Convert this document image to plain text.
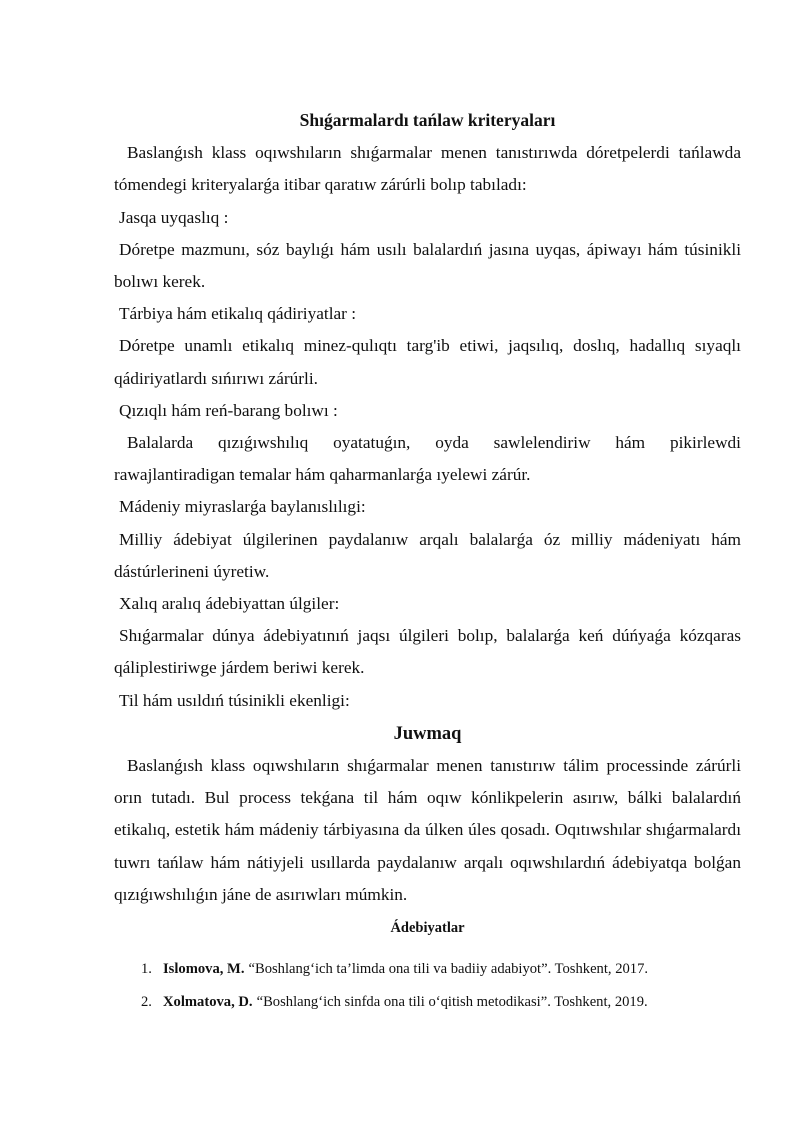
Shıǵarmalardı tańlaw kriteryaları

Baslanǵısh klass oqıwshıların shıǵarmalar menen tanıstırıwda dóretpelerdi tańlawda tómendegi kriteryalarǵa itibar qaratıw zárúrli bolıp tabıladı:

Jasqa uyqaslıq :

Dóretpe mazmunı, sóz baylıǵı hám usılı balalardıń jasına uyqas, ápiwayı hám túsinikli bolıwı kerek.

Tárbiya hám etikalıq qádiriyatlar :

Dóretpe unamlı etikalıq minez-qulıqtı targ'ib etiwi, jaqsılıq, doslıq, hadallıq sıyaqlı qádiriyatlardı sıńırıwı zárúrli.

Qızıqlı hám reń-barang bolıwı :

Balalarda qızıǵıwshılıq oyatatuǵın, oyda sawlelendiriw hám pikirlewdi rawajlantiradigan temalar hám qaharmanlarǵa ıyelewi zárúr.

Mádeniy miyraslarǵa baylanıslılıgi:

Milliy ádebiyat úlgilerinen paydalanıw arqalı balalarǵa óz milliy mádeniyatı hám dástúrlerineni úyretiw.

Xalıq aralıq ádebiyattan úlgiler:

Shıǵarmalar dúnya ádebiyatınıń jaqsı úlgileri bolıp, balalarǵa keń dúńyaǵa kózqaras qáliplestiriwge járdem beriwi kerek.

Til hám usıldıń túsinikli ekenligi:

Juwmaq

Baslanǵısh klass oqıwshıların shıǵarmalar menen tanıstırıw tálim processinde zárúrli orın tutadı. Bul process tekǵana til hám oqıw kónlikpelerin asırıw, bálki balalardıń etikalıq, estetik hám mádeniy tárbiyasına da úlken úles qosadı. Oqıtıwshılar shıǵarmalardı tuwrı tańlaw hám nátiyjeli usıllarda paydalanıw arqalı oqıwshılardıń ádebiyatqa bolǵan qızıǵıwshılıǵın jáne de asırıwları múmkin.

Ádebiyatlar

1. Islomova, M. “Boshlang‘ich ta’limda ona tili va badiiy adabiyot”. Toshkent, 2017.
2. Xolmatova, D. “Boshlang‘ich sinfda ona tili o‘qitish metodikasi”. Toshkent, 2019.
